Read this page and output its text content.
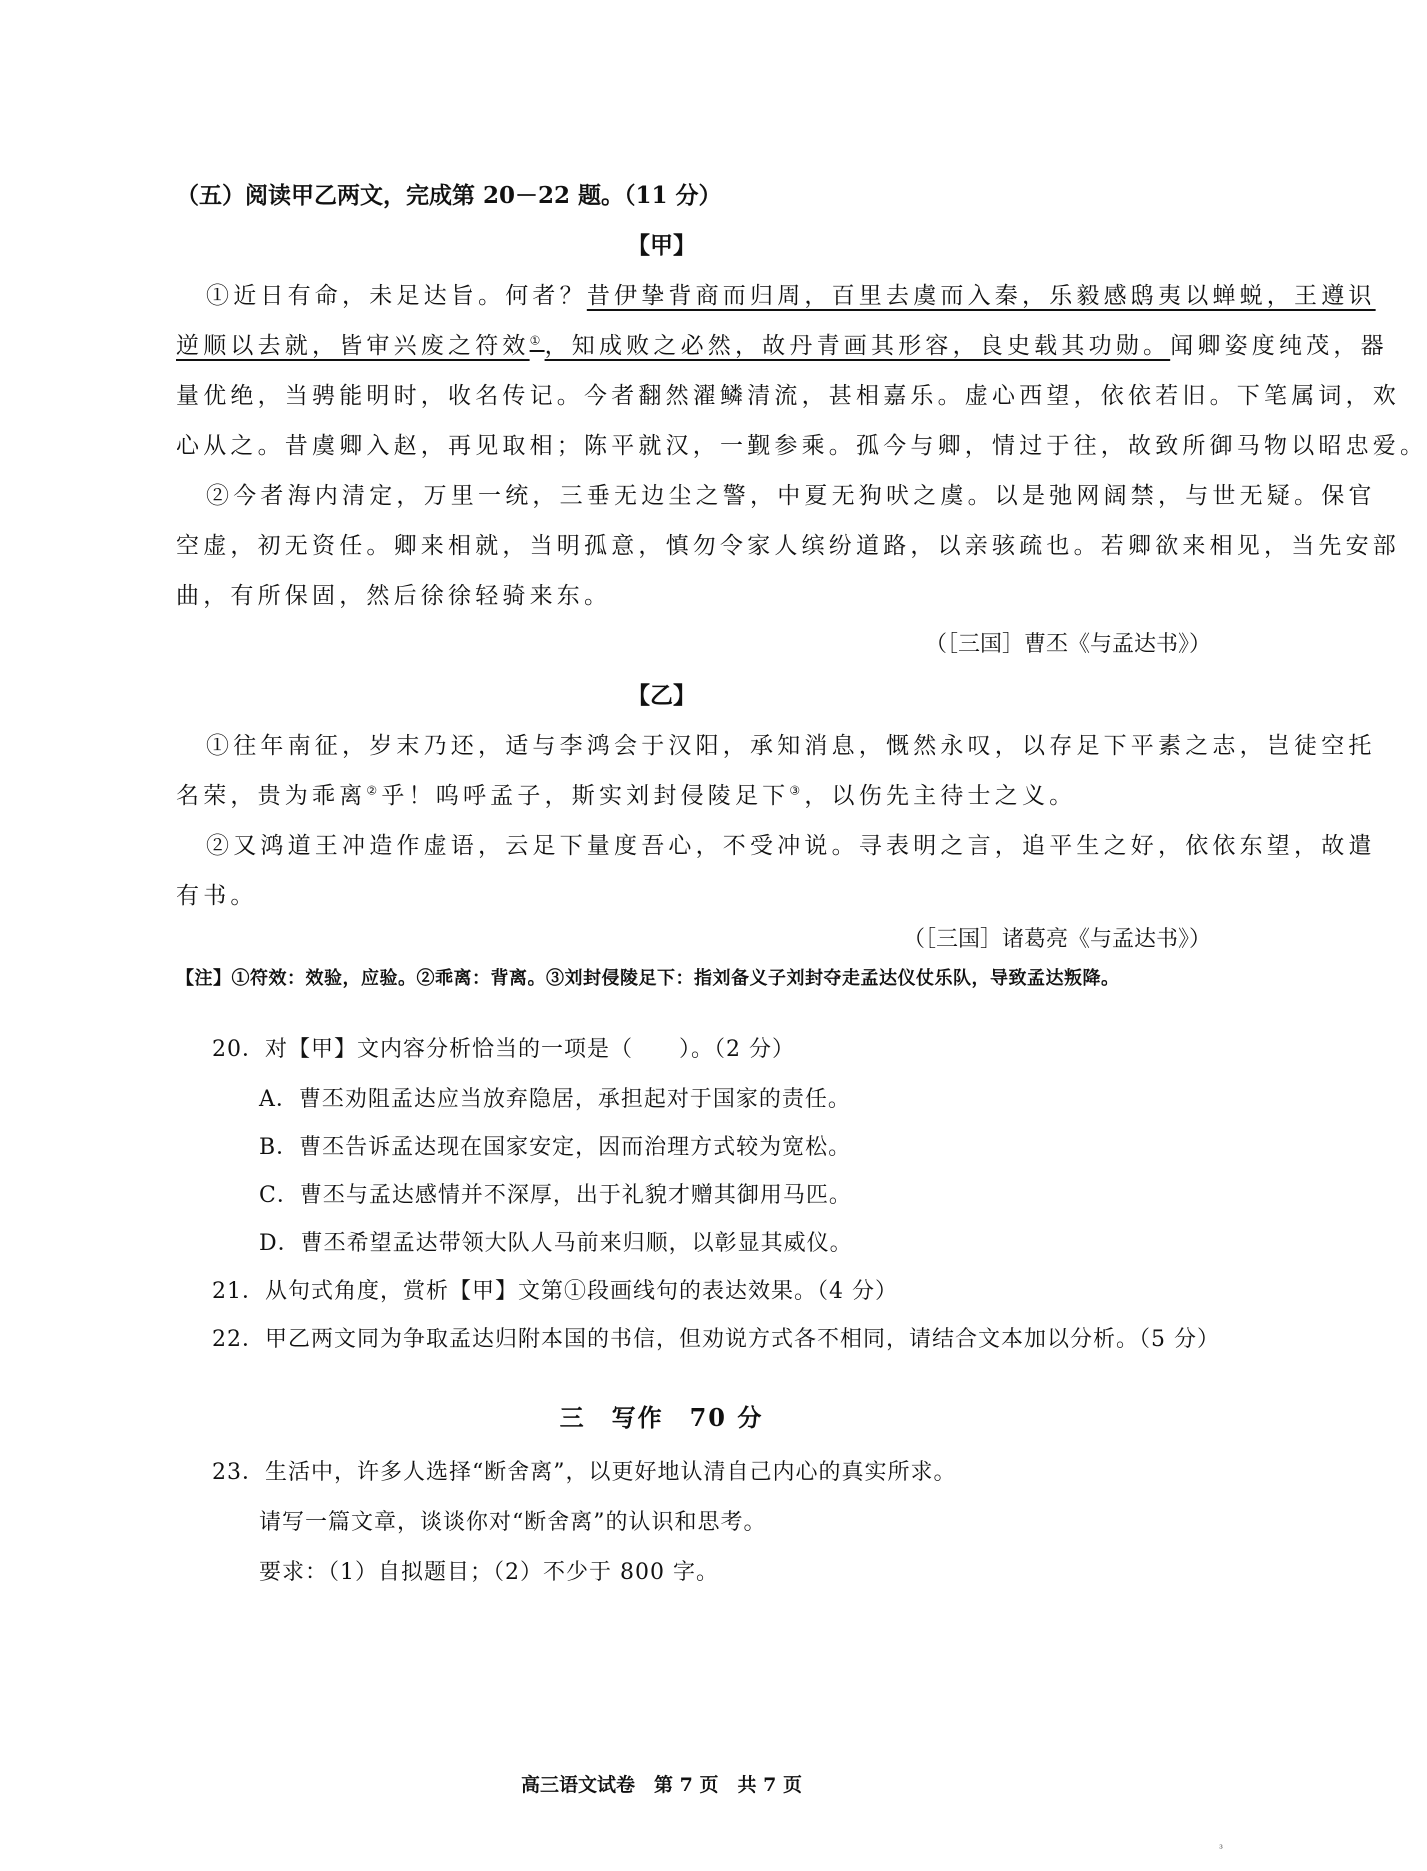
（五）阅读甲乙两文，完成第 20－22 题。（11 分）
【甲】
①近日有命，未足达旨。何者？昔伊挚背商而归周，百里去虞而入秦，乐毅感鸱夷以蝉蜕，王遵识
逆顺以去就，皆审兴废之符效①，知成败之必然，故丹青画其形容，良史载其功勋。闻卿姿度纯茂，器
量优绝，当骋能明时，收名传记。今者翻然濯鳞清流，甚相嘉乐。虚心西望，依依若旧。下笔属词，欢
心从之。昔虞卿入赵，再见取相；陈平就汉，一觐参乘。孤今与卿，情过于往，故致所御马物以昭忠爱。
②今者海内清定，万里一统，三垂无边尘之警，中夏无狗吠之虞。以是弛网阔禁，与世无疑。保官
空虚，初无资任。卿来相就，当明孤意，慎勿令家人缤纷道路，以亲骇疏也。若卿欲来相见，当先安部
曲，有所保固，然后徐徐轻骑来东。
（［三国］曹丕《与孟达书》）
【乙】
①往年南征，岁末乃还，适与李鸿会于汉阳，承知消息，慨然永叹，以存足下平素之志，岂徒空托
名荣，贵为乖离②乎！呜呼孟子，斯实刘封侵陵足下③，以伤先主待士之义。
②又鸿道王冲造作虚语，云足下量度吾心，不受冲说。寻表明之言，追平生之好，依依东望，故遣
有书。
（［三国］诸葛亮《与孟达书》）
【注】①符效：效验，应验。②乖离：背离。③刘封侵陵足下：指刘备义子刘封夺走孟达仪仗乐队，导致孟达叛降。
20．对【甲】文内容分析恰当的一项是（　　）。（2 分）
A．曹丕劝阻孟达应当放弃隐居，承担起对于国家的责任。
B．曹丕告诉孟达现在国家安定，因而治理方式较为宽松。
C．曹丕与孟达感情并不深厚，出于礼貌才赠其御用马匹。
D．曹丕希望孟达带领大队人马前来归顺，以彰显其威仪。
21．从句式角度，赏析【甲】文第①段画线句的表达效果。（4 分）
22．甲乙两文同为争取孟达归附本国的书信，但劝说方式各不相同，请结合文本加以分析。（5 分）
三　写作　70 分
23．生活中，许多人选择“断舍离”，以更好地认清自己内心的真实所求。
请写一篇文章，谈谈你对“断舍离”的认识和思考。
要求：（1）自拟题目；（2）不少于 800 字。
高三语文试卷　第 7 页　共 7 页
³
